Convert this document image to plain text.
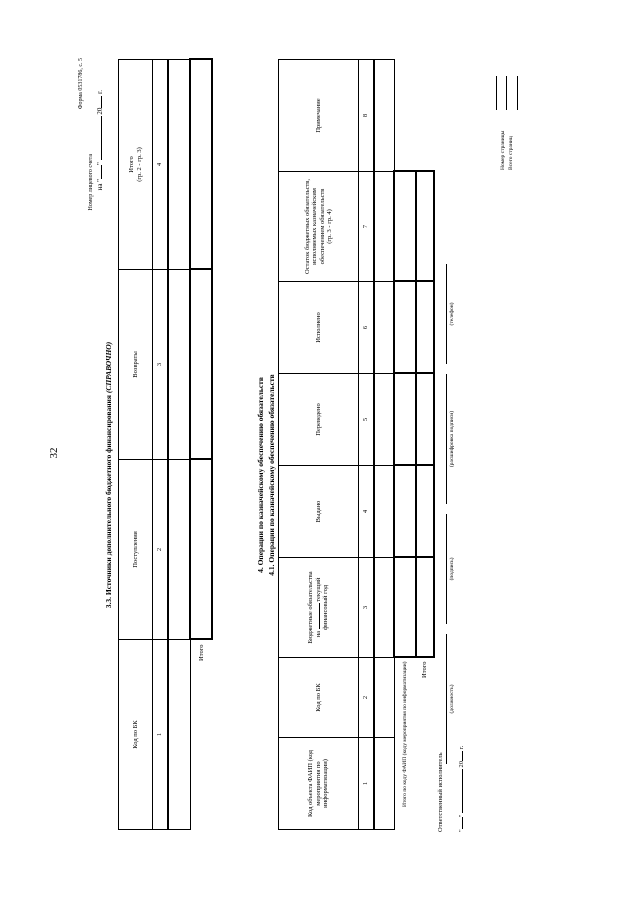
32
Форма 0531786, с. 5
Номер лицевого счета на ""  20 г.
3.3. Источники дополнительного бюджетного финансирования (СПРАВОЧНО)
Код по БК	Поступления	Возвраты	Итого
(гр. 2 - гр. 3)
1	2	3	4

Итого			
4. Операции по казначейскому обеспечению обязательств 4.1. Операции по казначейскому обеспечению обязательств
Код объекта ФАИП (код мероприятия по информатизации)	Код по БК	Бюджетные обязательства
на  текущий
финансовый год	Выдано	Переведено	Исполнено	Остаток бюджетных обязательств, исполняемых казначейским обеспечением обязательств
(гр. 3 - гр. 4)	Примечание
1	2	3	4	5	6	7	8

Итого по коду ФАИП (коду мероприятия по информатизации)							
Итого							
Ответственный исполнитель
(должность)
(подпись)
(расшифровка подписи)
(телефон)
""  20 г.
Номер страницы Всего страниц
